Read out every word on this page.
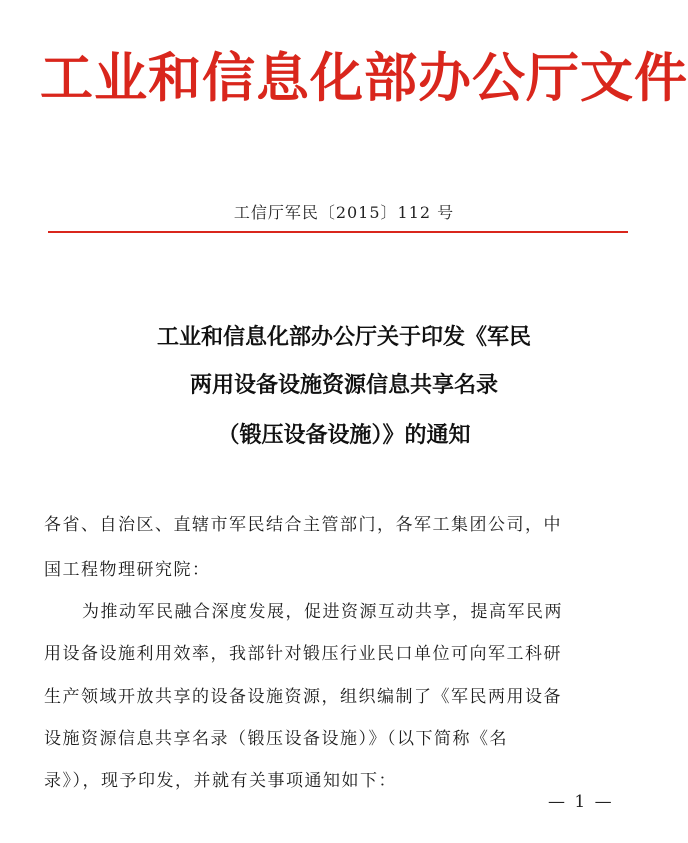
工业和信息化部办公厅文件
工信厅军民〔2015〕112 号
工业和信息化部办公厅关于印发《军民
两用设备设施资源信息共享名录
（锻压设备设施）》的通知
各省、自治区、直辖市军民结合主管部门，各军工集团公司，中
国工程物理研究院：
为推动军民融合深度发展，促进资源互动共享，提高军民两
用设备设施利用效率，我部针对锻压行业民口单位可向军工科研
生产领域开放共享的设备设施资源，组织编制了《军民两用设备
设施资源信息共享名录（锻压设备设施）》（以下简称《名
录》），现予印发，并就有关事项通知如下：
— 1 —
